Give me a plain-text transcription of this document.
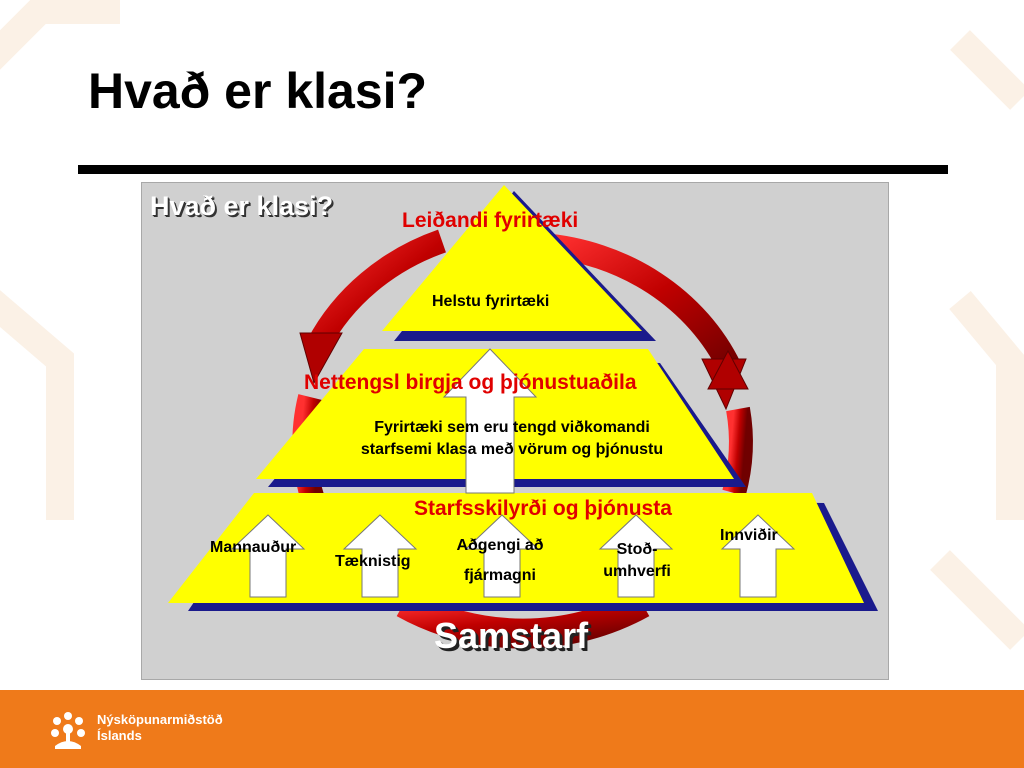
Hvað er klasi?
Hvað er klasi?	Leiðandi fyrirtæki
Helstu fyrirtæki
Nettengsl birgja og þjónustuaðila
Fyrirtæki sem eru tengd viðkomandi
starfsemi klasa með vörum og þjónustu
Starfsskilyrði og þjónusta
Mannauður
Tæknistig
Aðgengi að
fjármagni
Stoð-
umhverfi
Innviðir
Samstarf
Nýsköpunarmiðstöð
Íslands
